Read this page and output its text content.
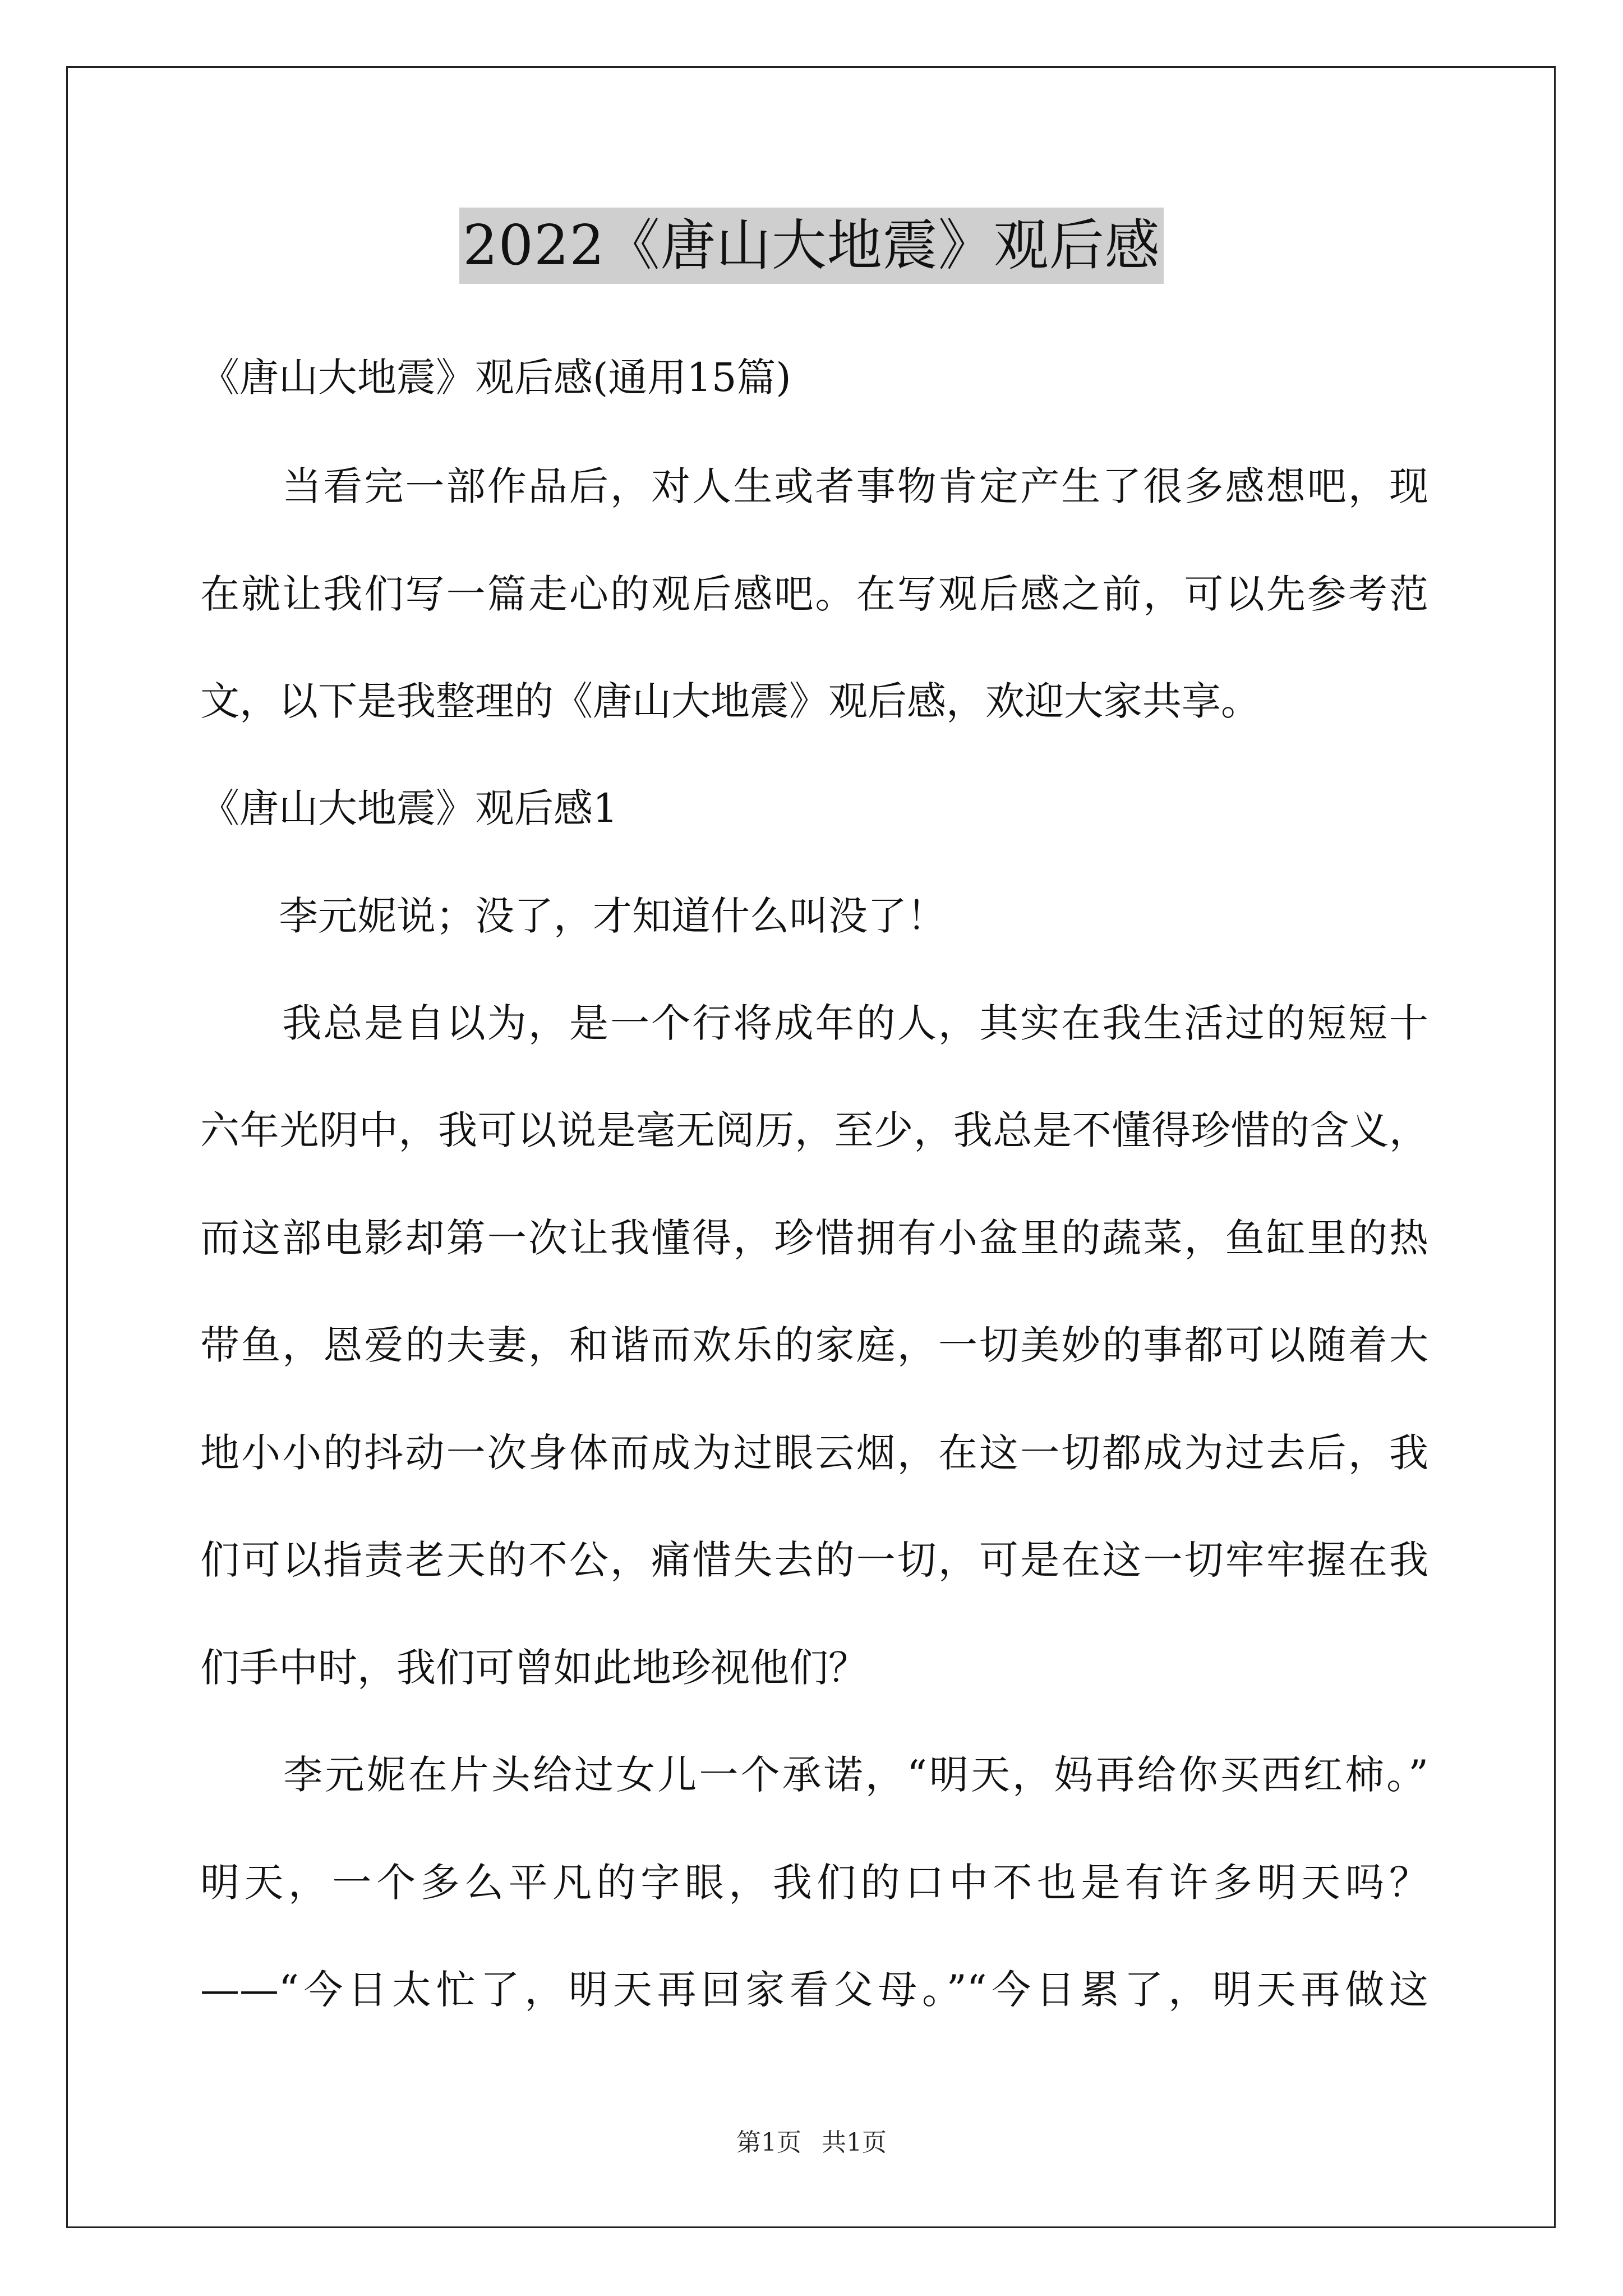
2022《唐山大地震》观后感
《唐山大地震》观后感(通用15篇)
　　当看完一部作品后，对人生或者事物肯定产生了很多感想吧，现
在就让我们写一篇走心的观后感吧。在写观后感之前，可以先参考范
文，以下是我整理的《唐山大地震》观后感，欢迎大家共享。
《唐山大地震》观后感1
　　李元妮说；没了，才知道什么叫没了！
　　我总是自以为，是一个行将成年的人，其实在我生活过的短短十
六年光阴中，我可以说是毫无阅历，至少，我总是不懂得珍惜的含义，
而这部电影却第一次让我懂得，珍惜拥有小盆里的蔬菜，鱼缸里的热
带鱼，恩爱的夫妻，和谐而欢乐的家庭，一切美妙的事都可以随着大
地小小的抖动一次身体而成为过眼云烟，在这一切都成为过去后，我
们可以指责老天的不公，痛惜失去的一切，可是在这一切牢牢握在我
们手中时，我们可曾如此地珍视他们？
　　李元妮在片头给过女儿一个承诺，“明天，妈再给你买西红柿。”
明天，一个多么平凡的字眼，我们的口中不也是有许多明天吗？
——“今日太忙了，明天再回家看父母。”“今日累了，明天再做这
第1页 共1页
